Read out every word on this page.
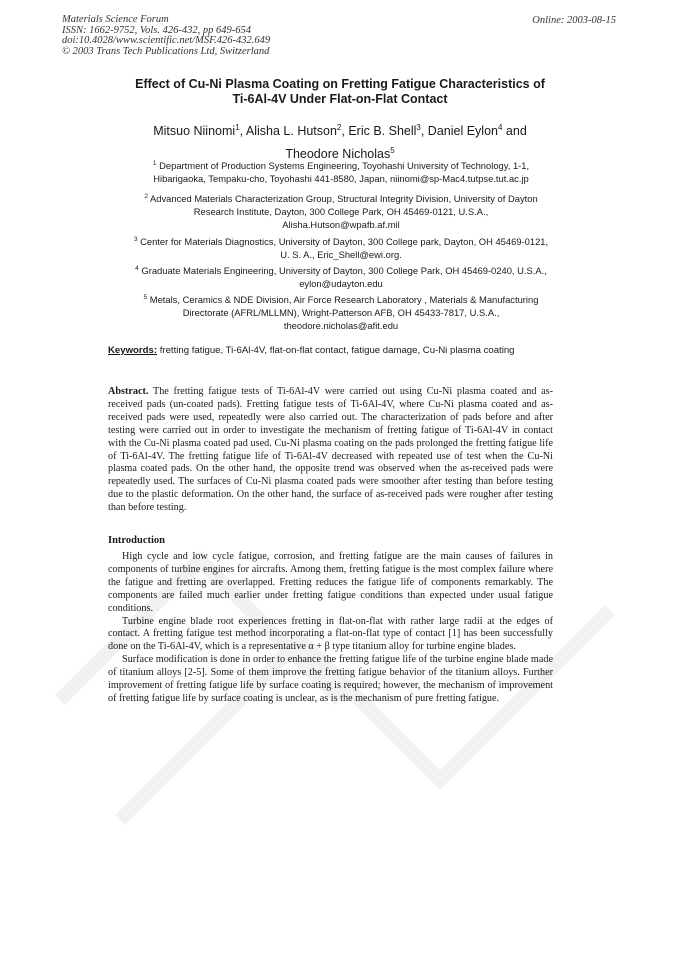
Materials Science Forum
ISSN: 1662-9752, Vols. 426-432, pp 649-654
doi:10.4028/www.scientific.net/MSF.426-432.649
© 2003 Trans Tech Publications Ltd, Switzerland
Online: 2003-08-15
Effect of Cu-Ni Plasma Coating on Fretting Fatigue Characteristics of
Ti-6Al-4V Under Flat-on-Flat Contact
Mitsuo Niinomi$^1$, Alisha L. Hutson$^2$, Eric B. Shell$^3$, Daniel Eylon$^4$ and
Theodore Nicholas$^5$
$^1$ Department of Production Systems Engineering, Toyohashi University of Technology, 1-1,
Hibarigaoka, Tempaku-cho, Toyohashi 441-8580, Japan, niinomi@sp-Mac4.tutpse.tut.ac.jp
$^2$ Advanced Materials Characterization Group, Structural Integrity Division, University of Dayton
Research Institute, Dayton, 300 College Park, OH 45469-0121, U.S.A.,
Alisha.Hutson@wpafb.af.mil
$^3$ Center for Materials Diagnostics, University of Dayton, 300 College park, Dayton, OH 45469-0121,
U. S. A., Eric_Shell@ewi.org.
$^4$ Graduate Materials Engineering, University of Dayton, 300 College Park, OH 45469-0240, U.S.A.,
eylon@udayton.edu
$^5$ Metals, Ceramics & NDE Division, Air Force Research Laboratory , Materials & Manufacturing
Directorate (AFRL/MLLMN), Wright-Patterson AFB, OH 45433-7817, U.S.A.,
theodore.nicholas@afit.edu
Keywords: fretting fatigue, Ti-6Al-4V, flat-on-flat contact, fatigue damage, Cu-Ni plasma coating
Abstract. The fretting fatigue tests of Ti-6Al-4V were carried out using Cu-Ni plasma coated and as-received pads (un-coated pads). Fretting fatigue tests of Ti-6Al-4V, where Cu-Ni plasma coated and as-received pads were used, repeatedly were also carried out. The characterization of pads before and after testing were carried out in order to investigate the mechanism of fretting fatigue of Ti-6Al-4V in contact with the Cu-Ni plasma coated pad used. Cu-Ni plasma coating on the pads prolonged the fretting fatigue life of Ti-6Al-4V. The fretting fatigue life of Ti-6Al-4V decreased with repeated use of test when the Cu-Ni plasma coated pads. On the other hand, the opposite trend was observed when the as-received pads were repeatedly used. The surfaces of Cu-Ni plasma coated pads were smoother after testing than before testing due to the plastic deformation. On the other hand, the surface of as-received pads were rougher after testing than before testing.
Introduction

High cycle and low cycle fatigue, corrosion, and fretting fatigue are the main causes of failures in components of turbine engines for aircrafts. Among them, fretting fatigue is the most complex failure where the fatigue and fretting are overlapped. Fretting reduces the fatigue life of components remarkably. The components are failed much earlier under fretting fatigue conditions than expected under usual fatigue conditions.

Turbine engine blade root experiences fretting in flat-on-flat with rather large radii at the edges of contact. A fretting fatigue test method incorporating a flat-on-flat type of contact [1] has been successfully done on the Ti-6Al-4V, which is a representative α + β type titanium alloy for turbine engine blades.

Surface modification is done in order to enhance the fretting fatigue life of the turbine engine blade made of titanium alloys [2-5]. Some of them improve the fretting fatigue behavior of the titanium alloys. Further improvement of fretting fatigue life by surface coating is required; however, the mechanism of improvement of fretting fatigue life by surface coating is unclear, as is the mechanism of pure fretting fatigue.
